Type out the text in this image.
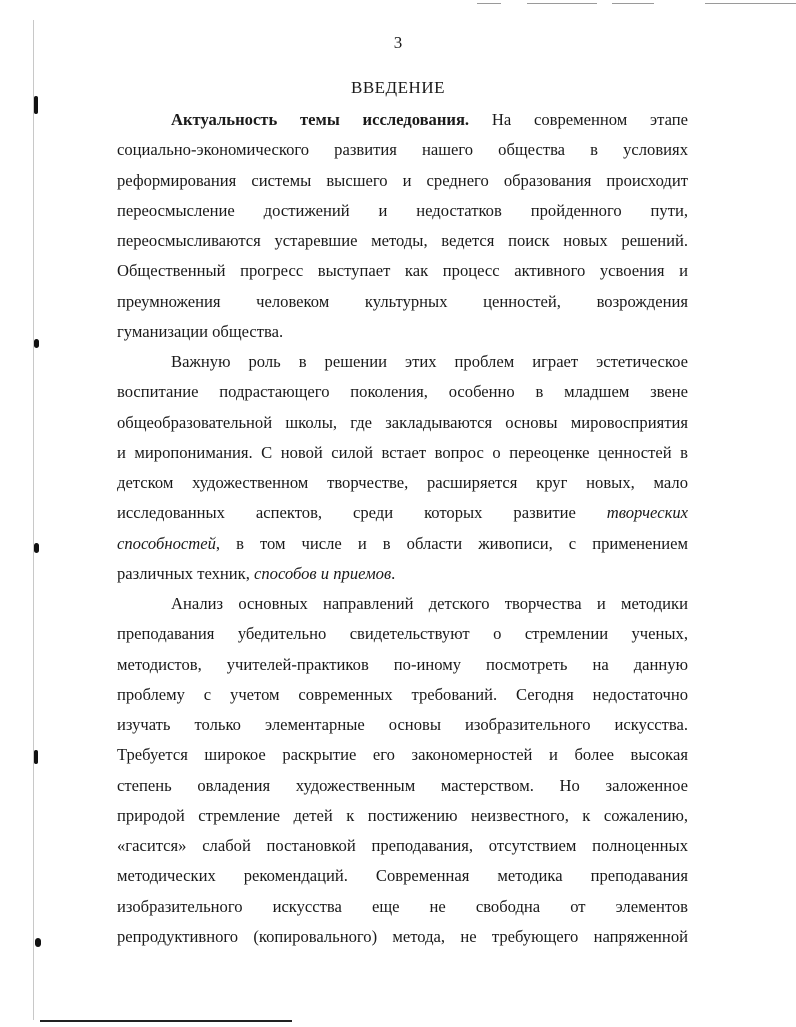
3
ВВЕДЕНИЕ
Актуальность темы исследования. На современном этапе
социально-экономического развития нашего общества в условиях
реформирования системы высшего и среднего образования происходит
переосмысление достижений и недостатков пройденного пути,
переосмысливаются устаревшие методы, ведется поиск новых решений.
Общественный прогресс выступает как процесс активного усвоения и
преумножения человеком культурных ценностей, возрождения
гуманизации общества.
Важную роль в решении этих проблем играет эстетическое
воспитание подрастающего поколения, особенно в младшем звене
общеобразовательной школы, где закладываются основы мировосприятия
и миропонимания. С новой силой встает вопрос о переоценке ценностей в
детском художественном творчестве, расширяется круг новых, мало
исследованных аспектов, среди которых развитие творческих
способностей, в том числе и в области живописи, с применением
различных техник, способов и приемов.
Анализ основных направлений детского творчества и методики
преподавания убедительно свидетельствуют о стремлении ученых,
методистов, учителей-практиков по-иному посмотреть на данную
проблему с учетом современных требований. Сегодня недостаточно
изучать только элементарные основы изобразительного искусства.
Требуется широкое раскрытие его закономерностей и более высокая
степень овладения художественным мастерством. Но заложенное
природой стремление детей к постижению неизвестного, к сожалению,
«гасится» слабой постановкой преподавания, отсутствием полноценных
методических рекомендаций. Современная методика преподавания
изобразительного искусства еще не свободна от элементов
репродуктивного (копировального) метода, не требующего напряженной
